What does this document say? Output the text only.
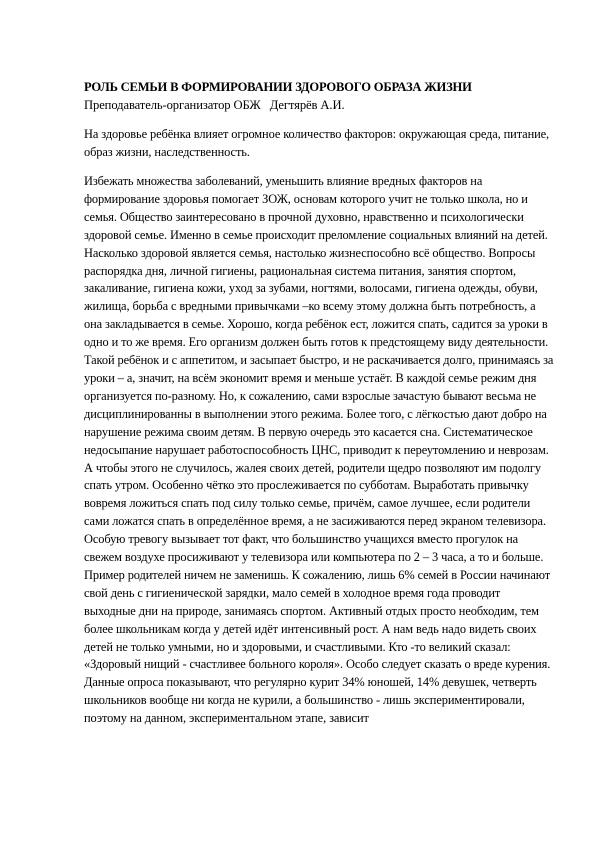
РОЛЬ СЕМЬИ В ФОРМИРОВАНИИ ЗДОРОВОГО ОБРАЗА ЖИЗНИ
Преподаватель-организатор ОБЖ   Дегтярёв А.И.

На здоровье ребёнка влияет огромное количество факторов: окружающая среда, питание, образ жизни, наследственность.

Избежать множества заболеваний, уменьшить влияние вредных факторов на формирование здоровья помогает ЗОЖ, основам которого учит не только школа, но и семья. Общество заинтересовано в прочной духовно, нравственно и психологически здоровой семье. Именно в семье происходит преломление социальных влияний на детей. Насколько здоровой является семья, настолько жизнеспособно всё общество. Вопросы распорядка дня, личной гигиены, рациональная система питания, занятия спортом, закаливание, гигиена кожи, уход за зубами, ногтями, волосами, гигиена одежды, обуви, жилища, борьба с вредными привычками –ко всему этому должна быть потребность, а она закладывается в семье. Хорошо, когда ребёнок ест, ложится спать, садится за уроки в одно и то же время. Его организм должен быть готов к предстоящему виду деятельности. Такой ребёнок и с аппетитом, и засыпает быстро, и не раскачивается долго, принимаясь за уроки – а, значит, на всём экономит время и меньше устаёт. В каждой семье режим дня организуется по-разному. Но, к сожалению, сами взрослые зачастую бывают весьма не дисциплинированны в выполнении этого режима. Более того, с лёгкостью дают добро на нарушение режима своим детям. В первую очередь это касается сна. Систематическое недосыпание нарушает работоспособность ЦНС, приводит к переутомлению и неврозам. А чтобы этого не случилось, жалея своих детей, родители щедро позволяют им подолгу спать утром. Особенно чётко это прослеживается по субботам. Выработать привычку вовремя ложиться спать под силу только семье, причём, самое лучшее, если родители сами ложатся спать в определённое время, а не засиживаются перед экраном телевизора. Особую тревогу вызывает тот факт, что большинство учащихся вместо прогулок на свежем воздухе просиживают у телевизора или компьютера по 2 – 3 часа, а то и больше. Пример родителей ничем не заменишь. К сожалению, лишь 6% семей в России начинают свой день с гигиенической зарядки, мало семей в холодное время года проводит выходные дни на природе, занимаясь спортом. Активный отдых просто необходим, тем более школьникам когда у детей идёт интенсивный рост. А нам ведь надо видеть своих детей не только умными, но и здоровыми, и счастливыми. Кто -то великий сказал: «Здоровый нищий - счастливее больного короля». Особо следует сказать о вреде курения. Данные опроса показывают, что регулярно курит 34% юношей, 14% девушек, четверть школьников вообще ни когда не курили, а большинство - лишь экспериментировали, поэтому на данном, экспериментальном этапе, зависит
